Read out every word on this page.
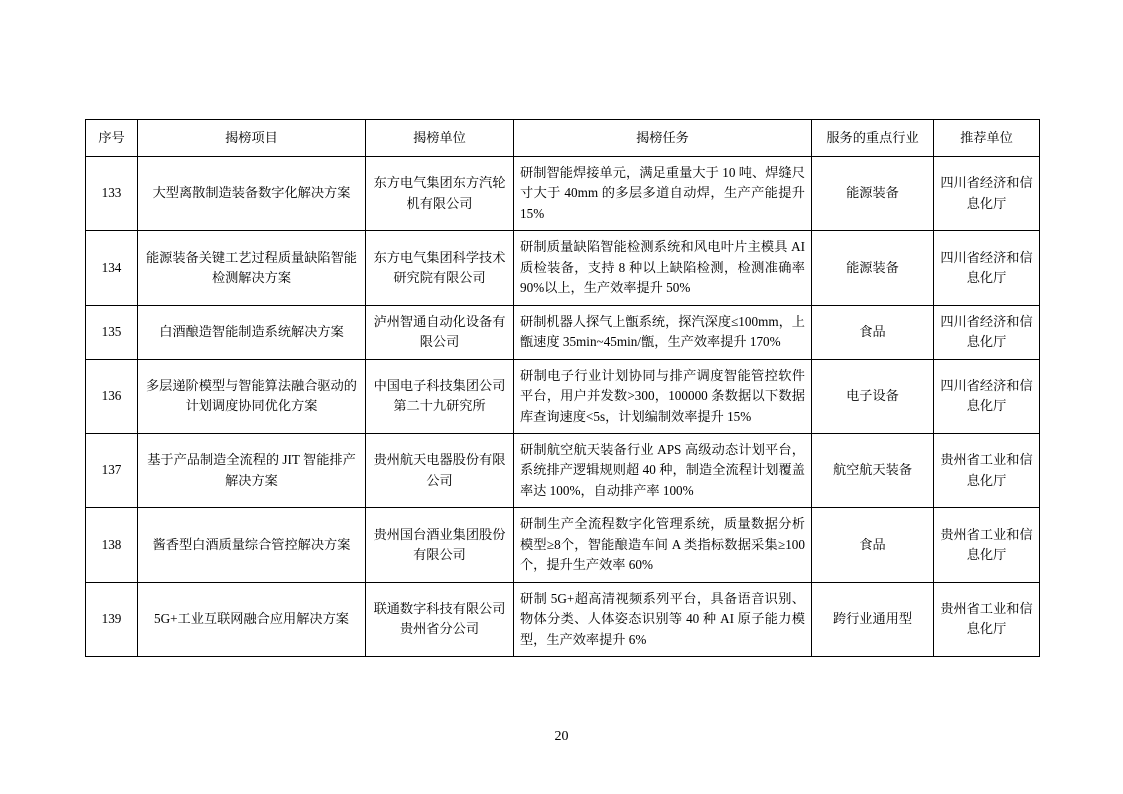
序号	揭榜项目	揭榜单位	揭榜任务	服务的重点行业	推荐单位
133	大型离散制造装备数字化解决方案	东方电气集团东方汽轮机有限公司	研制智能焊接单元，满足重量大于 10 吨、焊缝尺寸大于 40mm 的多层多道自动焊，生产产能提升 15%	能源装备	四川省经济和信息化厅
134	能源装备关键工艺过程质量缺陷智能检测解决方案	东方电气集团科学技术研究院有限公司	研制质量缺陷智能检测系统和风电叶片主模具 AI 质检装备，支持 8 种以上缺陷检测，检测准确率 90%以上，生产效率提升 50%	能源装备	四川省经济和信息化厅
135	白酒酿造智能制造系统解决方案	泸州智通自动化设备有限公司	研制机器人探气上甑系统，探汽深度≤100mm，上甑速度 35min~45min/甑，生产效率提升 170%	食品	四川省经济和信息化厅
136	多层递阶模型与智能算法融合驱动的计划调度协同优化方案	中国电子科技集团公司第二十九研究所	研制电子行业计划协同与排产调度智能管控软件平台，用户并发数>300，100000 条数据以下数据库查询速度<5s，计划编制效率提升 15%	电子设备	四川省经济和信息化厅
137	基于产品制造全流程的 JIT 智能排产解决方案	贵州航天电器股份有限公司	研制航空航天装备行业 APS 高级动态计划平台，系统排产逻辑规则超 40 种，制造全流程计划覆盖率达 100%，自动排产率 100%	航空航天装备	贵州省工业和信息化厅
138	酱香型白酒质量综合管控解决方案	贵州国台酒业集团股份有限公司	研制生产全流程数字化管理系统，质量数据分析模型≥8个，智能酿造车间 A 类指标数据采集≥100 个，提升生产效率 60%	食品	贵州省工业和信息化厅
139	5G+工业互联网融合应用解决方案	联通数字科技有限公司贵州省分公司	研制 5G+超高清视频系列平台，具备语音识别、物体分类、人体姿态识别等 40 种 AI 原子能力模型，生产效率提升 6%	跨行业通用型	贵州省工业和信息化厅
20
